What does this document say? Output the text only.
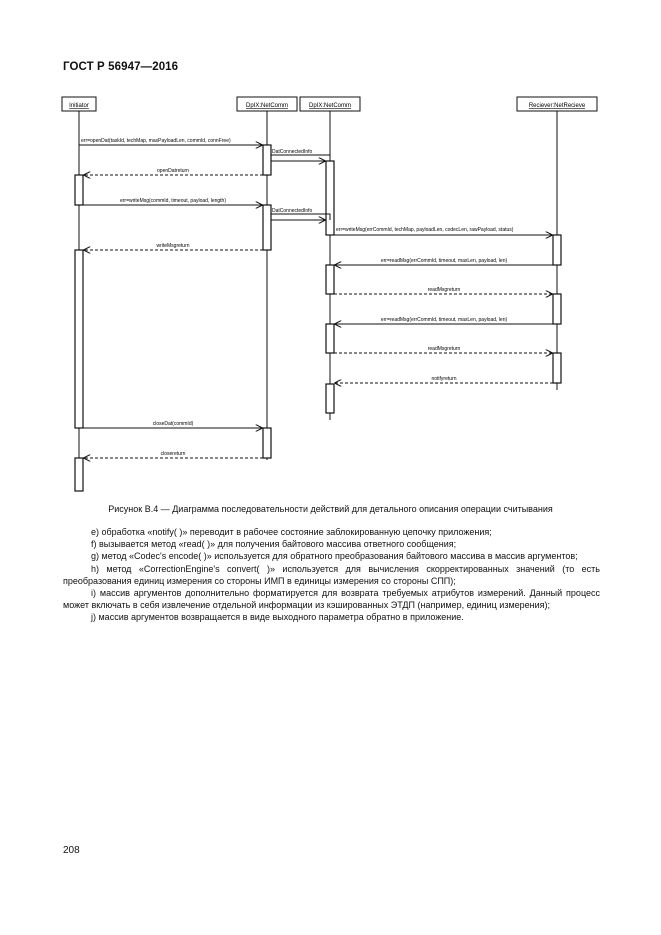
ГОСТ Р 56947—2016
Initiator	DpIX:NetComm	DpIX:NetComm	Reciever:NetRecieve
err=openDat(taskId, techMap, maxPayloadLen, commId, connFree)
DatConnectedInfo
openDatreturn
err=writeMsg(commId, timeout, payload, length)
DatConnectedInfo
err=writeMsg(errCommId, techMap, payloadLen, codecLen, rawPayload, status)
writeMsgreturn
err=readMsg(errCommId, timeout, maxLen, payload, len)
readMsgreturn
err=readMsg(errCommId, timeout, maxLen, payload, len)
readMsgreturn
notifyreturn
closeDat(commId)
closereturn
Рисунок В.4 — Диаграмма последовательности действий для детального описания операции считывания

e) обработка «notify( )» переводит в рабочее состояние заблокированную цепочку приложения;

f) вызывается метод «read( )» для получения байтового массива ответного сообщения;

g) метод «Codec's encode( )» используется для обратного преобразования байтового массива в массив аргументов;

h) метод «CorrectionEngine's convert( )» используется для вычисления скорректированных значений (то есть преобразования единиц измерения со стороны ИМП в единицы измерения со стороны СПП);

i) массив аргументов дополнительно форматируется для возврата требуемых атрибутов измерений. Данный процесс может включать в себя извлечение отдельной информации из кэшированных ЭТДП (например, единиц измерения);

j) массив аргументов возвращается в виде выходного параметра обратно в приложение.

208
